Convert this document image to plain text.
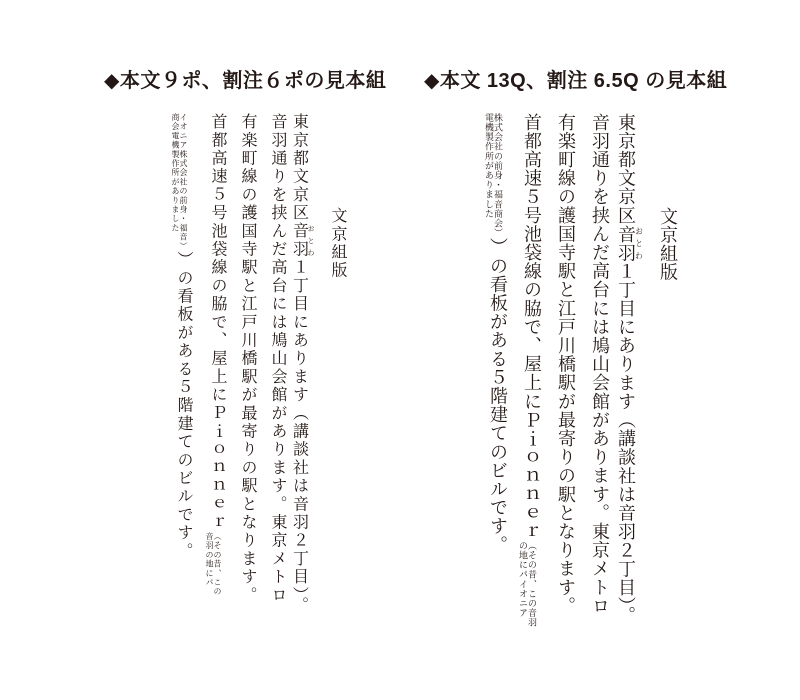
◆本文９ポ、割注６ポの見本組 ◆本文 13Q、割注 6.5Q の見本組
文京組版
東京都文京区音羽 おとわ１丁目にあります（講談社は音羽２丁目）。
音羽通りを挟んだ高台には鳩山会館があります。東京メトロ
有楽町線の護国寺駅と江戸川橋駅が最寄りの駅となります。
首都高速５号池袋線の脇で、屋上にＰｉｏｎｎｅｒ
（その昔、この
音羽の地にパ
イオニア株式会社の前身・福音）
商会電機製作所がありました
）の看板がある５階建てのビルです。
文京組版
東京都文京区音羽おとわ１丁目にあります（講談社は音羽２丁目）。
音羽通りを挟んだ高台には鳩山会館があります。東京メトロ
有楽町線の護国寺駅と江戸川橋駅が最寄りの駅となります。
首都高速５号池袋線の脇で、屋上にＰｉｏｎｎｅｒ
（その昔、この音羽
の地にパイオニア
株式会社の前身・福音商会）
電機製作所がありました
）の看板がある５階建てのビルです。
